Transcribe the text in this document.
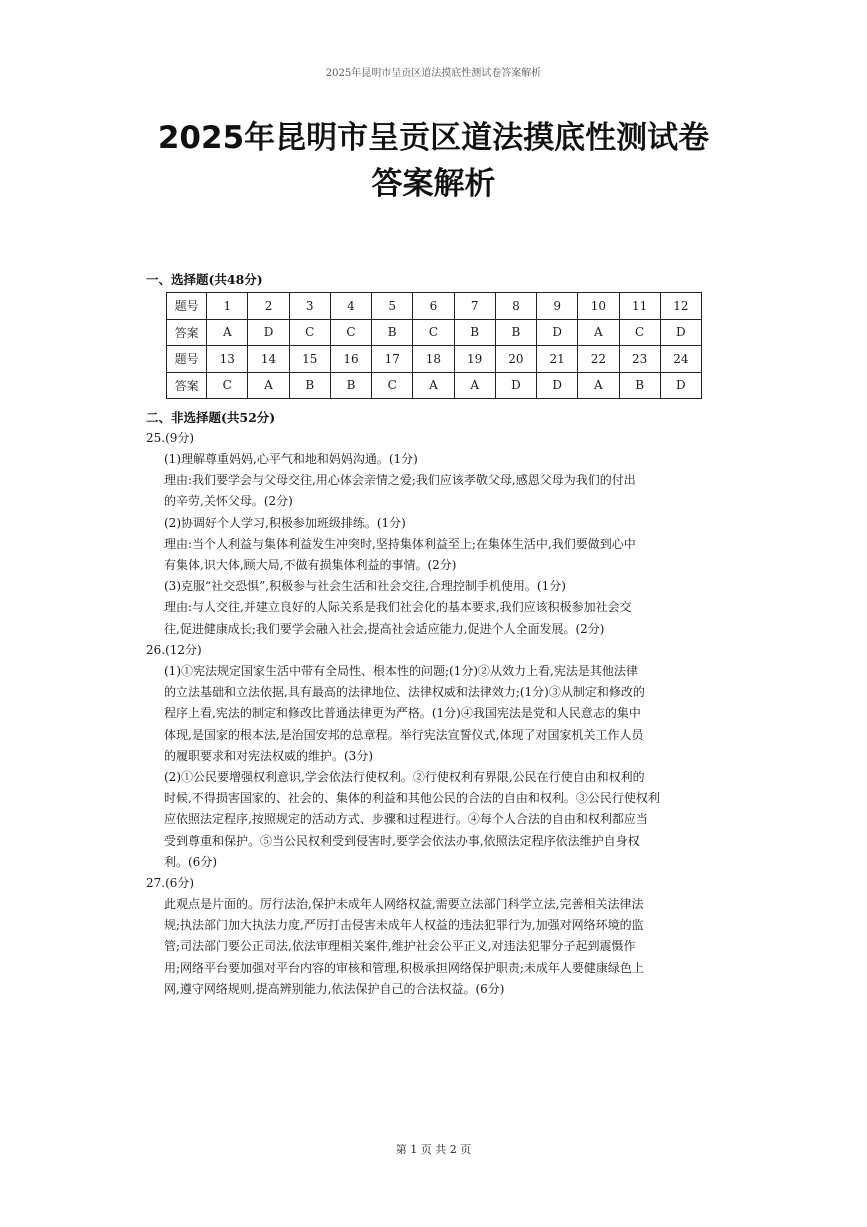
2025年昆明市呈贡区道法摸底性测试卷答案解析
2025年昆明市呈贡区道法摸底性测试卷
答案解析
一、选择题(共48分)
题号	1	2	3	4	5	6	7	8	9	10	11	12
答案	A	D	C	C	B	C	B	B	D	A	C	D
题号	13	14	15	16	17	18	19	20	21	22	23	24
答案	C	A	B	B	C	A	A	D	D	A	B	D
二、非选择题(共52分)
25.(9分)
(1)理解尊重妈妈,心平气和地和妈妈沟通。(1分)
理由:我们要学会与父母交往,用心体会亲情之爱;我们应该孝敬父母,感恩父母为我们的付出
的辛劳,关怀父母。(2分)
(2)协调好个人学习,积极参加班级排练。(1分)
理由:当个人利益与集体利益发生冲突时,坚持集体利益至上;在集体生活中,我们要做到心中
有集体,识大体,顾大局,不做有损集体利益的事情。(2分)
(3)克服“社交恐惧”,积极参与社会生活和社会交往,合理控制手机使用。(1分)
理由:与人交往,并建立良好的人际关系是我们社会化的基本要求,我们应该积极参加社会交
往,促进健康成长;我们要学会融入社会,提高社会适应能力,促进个人全面发展。(2分)
26.(12分)
(1)①宪法规定国家生活中带有全局性、根本性的问题;(1分)②从效力上看,宪法是其他法律
的立法基础和立法依据,具有最高的法律地位、法律权威和法律效力;(1分)③从制定和修改的
程序上看,宪法的制定和修改比普通法律更为严格。(1分)④我国宪法是党和人民意志的集中
体现,是国家的根本法,是治国安邦的总章程。举行宪法宣誓仪式,体现了对国家机关工作人员
的履职要求和对宪法权威的维护。(3分)
(2)①公民要增强权利意识,学会依法行使权利。②行使权利有界限,公民在行使自由和权利的
时候,不得损害国家的、社会的、集体的利益和其他公民的合法的自由和权利。③公民行使权利
应依照法定程序,按照规定的活动方式、步骤和过程进行。④每个人合法的自由和权利都应当
受到尊重和保护。⑤当公民权利受到侵害时,要学会依法办事,依照法定程序依法维护自身权
利。(6分)
27.(6分)
此观点是片面的。厉行法治,保护未成年人网络权益,需要立法部门科学立法,完善相关法律法
规;执法部门加大执法力度,严厉打击侵害未成年人权益的违法犯罪行为,加强对网络环境的监
管;司法部门要公正司法,依法审理相关案件,维护社会公平正义,对违法犯罪分子起到震慑作
用;网络平台要加强对平台内容的审核和管理,积极承担网络保护职责;未成年人要健康绿色上
网,遵守网络规则,提高辨别能力,依法保护自己的合法权益。(6分)
第 1 页 共 2 页
